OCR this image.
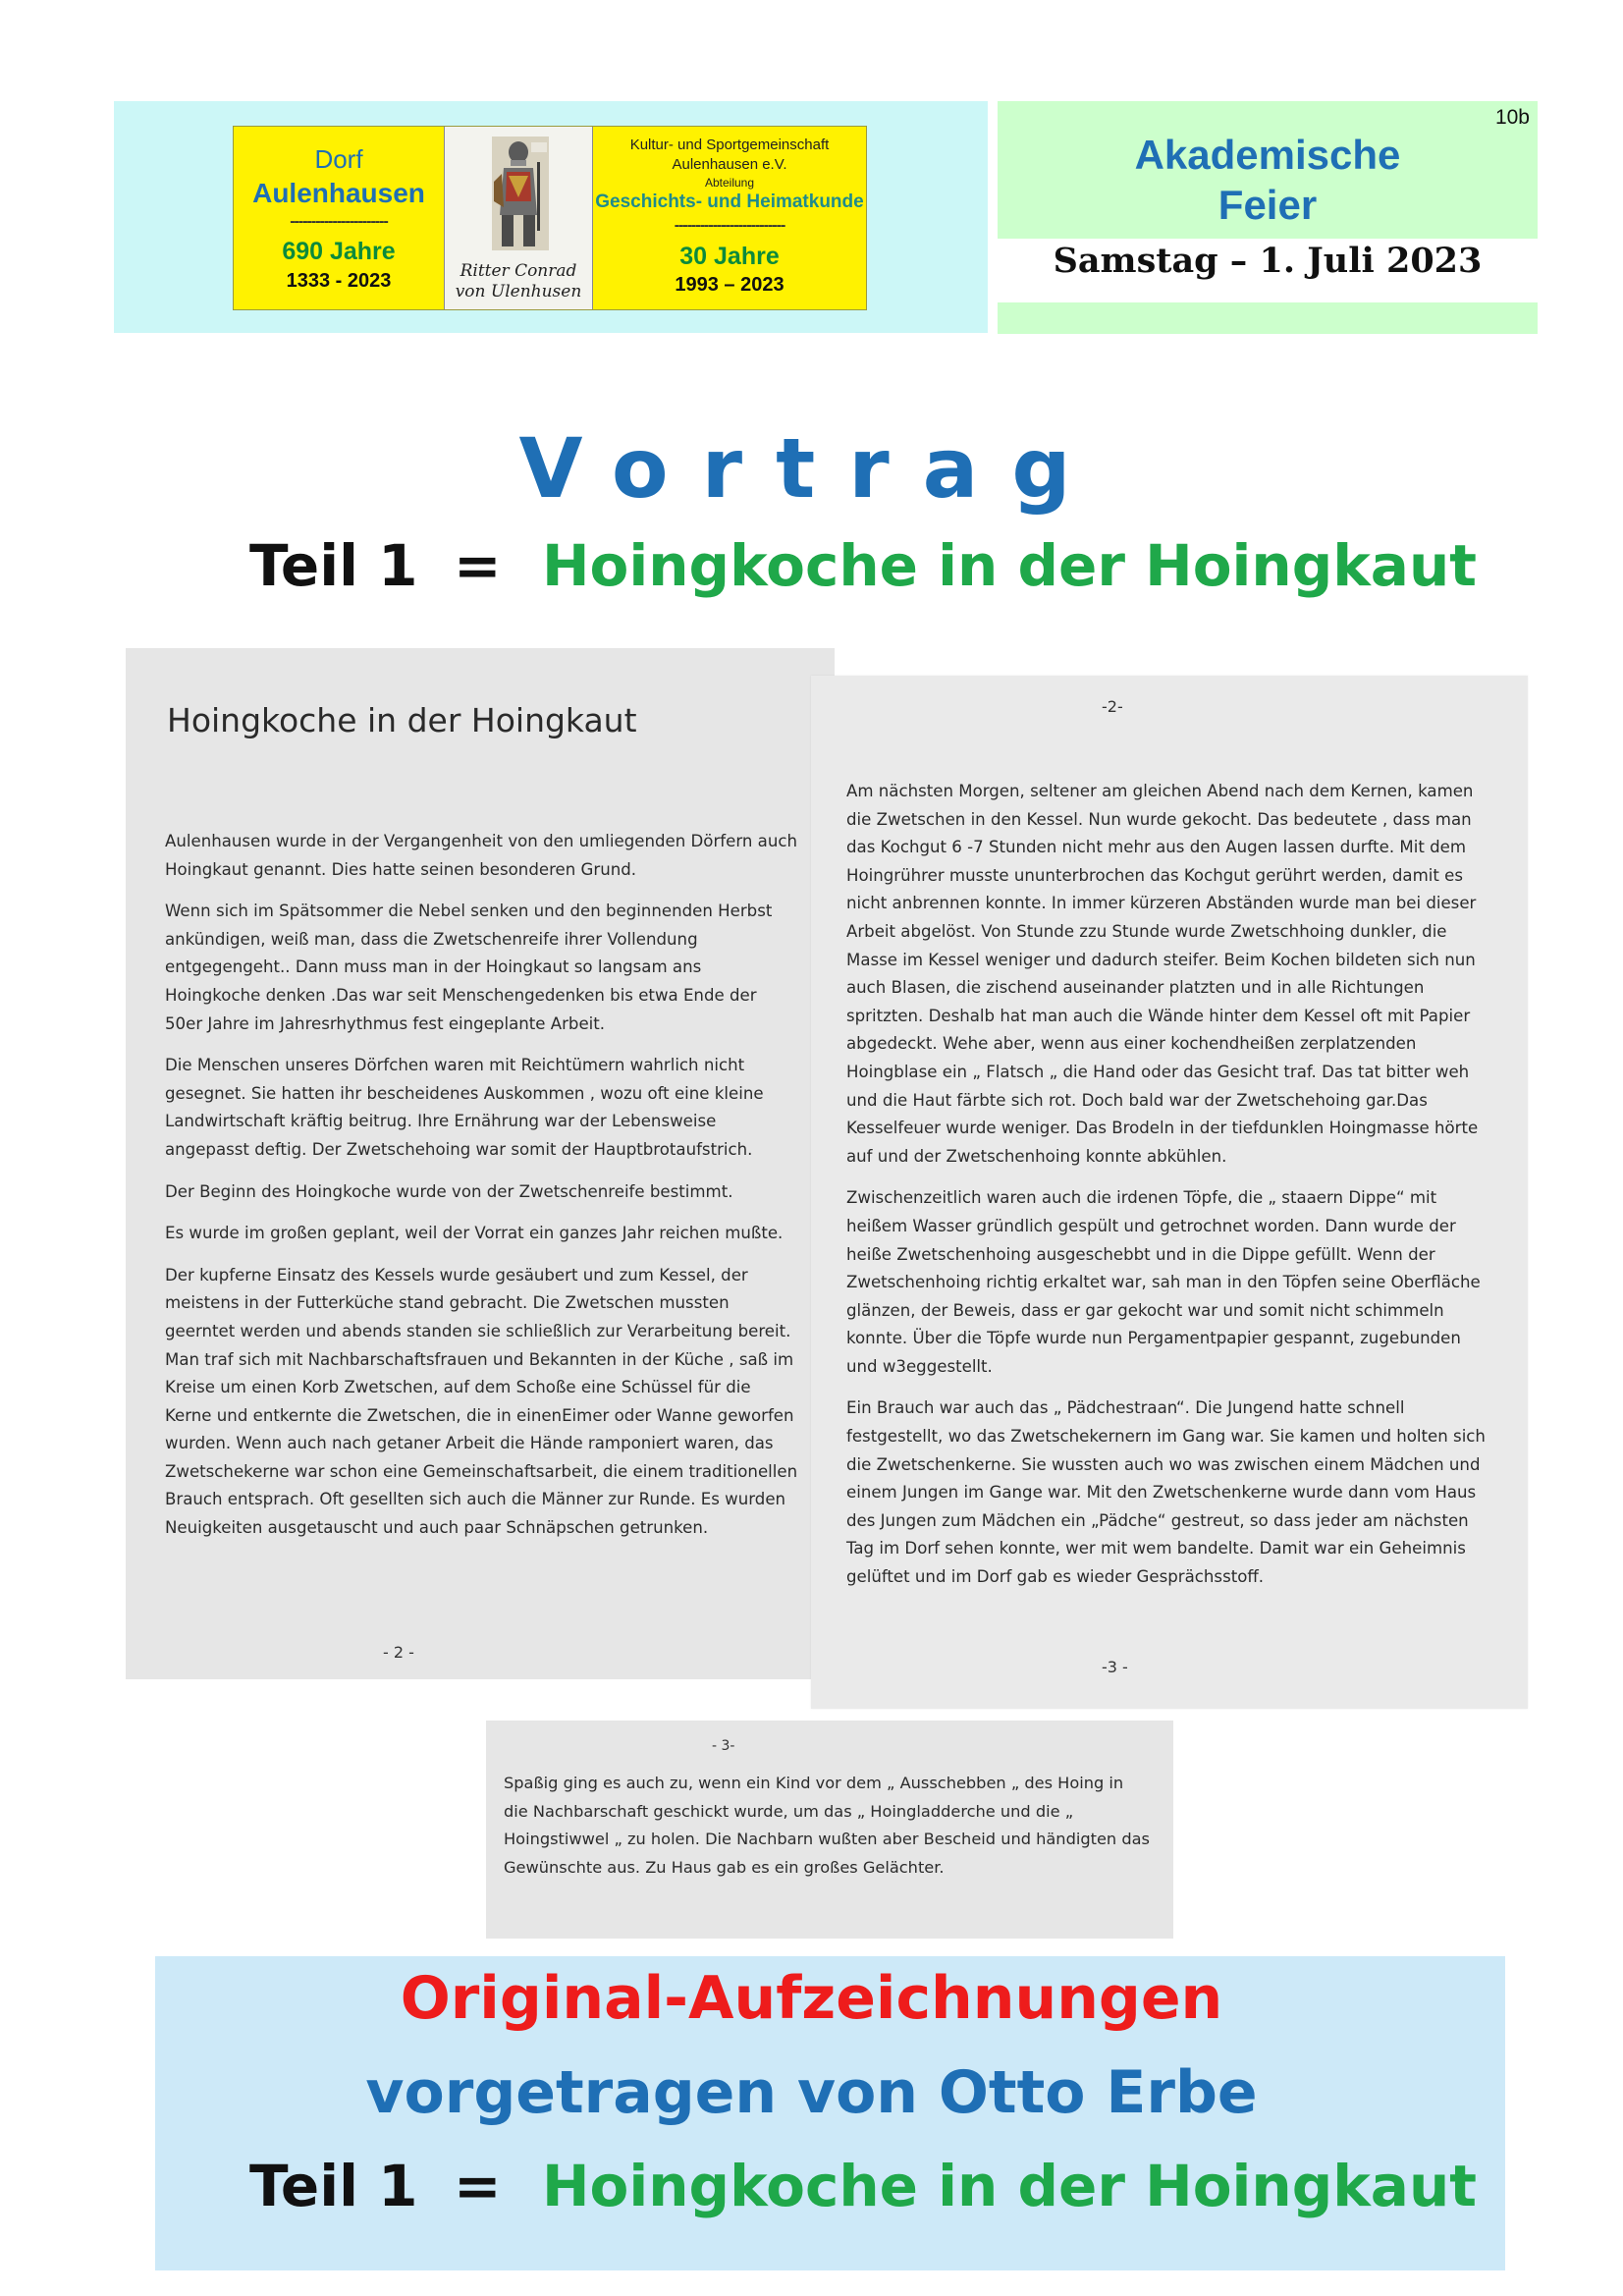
Dorf
Aulenhausen
-----------------------
690 Jahre
1333 - 2023	Ritter Conrad
von Ulenhusen
Kultur- und Sportgemeinschaft
Aulenhausen e.V.
Abteilung
Geschichts- und Heimatkunde
--------------------------
30 Jahre
1993 – 2023
10b
Akademische
Feier
Samstag – 1. Juli 2023
Vortrag
Teil 1 = Hoingkoche in der Hoingkaut
Hoingkoche in der Hoingkaut

Aulenhausen wurde in der Vergangenheit von den umliegenden Dörfern auch Hoingkaut genannt. Dies hatte seinen besonderen Grund.

Wenn sich im Spätsommer die Nebel senken und den beginnenden Herbst ankündigen, weiß man, dass die Zwetschenreife ihrer Vollendung entgegengeht.. Dann muss man in der Hoingkaut so langsam ans Hoingkoche denken .Das war seit Menschengedenken bis etwa Ende der 50er Jahre im Jahresrhythmus fest eingeplante Arbeit.

Die Menschen unseres Dörfchen waren mit Reichtümern wahrlich nicht gesegnet. Sie hatten ihr bescheidenes Auskommen , wozu oft eine kleine Landwirtschaft kräftig beitrug. Ihre Ernährung war der Lebensweise angepasst deftig. Der Zwetschehoing war somit der Hauptbrotaufstrich.

Der Beginn des Hoingkoche wurde von der Zwetschenreife bestimmt.

Es wurde im großen geplant, weil der Vorrat ein ganzes Jahr reichen mußte.

Der kupferne Einsatz des Kessels wurde gesäubert und zum Kessel, der meistens in der Futterküche stand gebracht. Die Zwetschen mussten geerntet werden und abends standen sie schließlich zur Verarbeitung bereit. Man traf sich mit Nachbarschaftsfrauen und Bekannten in der Küche , saß im Kreise um einen Korb Zwetschen, auf dem Schoße eine Schüssel für die Kerne und entkernte die Zwetschen, die in einenEimer oder Wanne geworfen wurden. Wenn auch nach getaner Arbeit die Hände ramponiert waren, das Zwetschekerne war schon eine Gemeinschaftsarbeit, die einem traditionellen Brauch entsprach. Oft gesellten sich auch die Männer zur Runde. Es wurden Neuigkeiten ausgetauscht und auch paar Schnäpschen getrunken.

- 2 -
-2-

Am nächsten Morgen, seltener am gleichen Abend nach dem Kernen, kamen die Zwetschen in den Kessel. Nun wurde gekocht. Das bedeutete , dass man das Kochgut 6 -7 Stunden nicht mehr aus den Augen lassen durfte. Mit dem Hoingrührer musste ununterbrochen das Kochgut gerührt werden, damit es nicht anbrennen konnte. In immer kürzeren Abständen wurde man bei dieser Arbeit abgelöst. Von Stunde zzu Stunde wurde Zwetschhoing dunkler, die Masse im Kessel weniger und dadurch steifer. Beim Kochen bildeten sich nun auch Blasen, die zischend auseinander platzten und in alle Richtungen spritzten. Deshalb hat man auch die Wände hinter dem Kessel oft mit Papier abgedeckt. Wehe aber, wenn aus einer kochendheißen zerplatzenden Hoingblase ein „ Flatsch „ die Hand oder das Gesicht traf. Das tat bitter weh und die Haut färbte sich rot. Doch bald war der Zwetschehoing gar.Das Kesselfeuer wurde weniger. Das Brodeln in der tiefdunklen Hoingmasse hörte auf und der Zwetschenhoing konnte abkühlen.

Zwischenzeitlich waren auch die irdenen Töpfe, die „ staaern Dippe“ mit heißem Wasser gründlich gespült und getrochnet worden. Dann wurde der heiße Zwetschenhoing ausgeschebbt und in die Dippe gefüllt. Wenn der Zwetschenhoing richtig erkaltet war, sah man in den Töpfen seine Oberfläche glänzen, der Beweis, dass er gar gekocht war und somit nicht schimmeln konnte. Über die Töpfe wurde nun Pergamentpapier gespannt, zugebunden und w3eggestellt.

Ein Brauch war auch das „ Pädchestraan“. Die Jungend hatte schnell festgestellt, wo das Zwetschekernern im Gang war. Sie kamen und holten sich die Zwetschenkerne. Sie wussten auch wo was zwischen einem Mädchen und einem Jungen im Gange war. Mit den Zwetschenkerne wurde dann vom Haus des Jungen zum Mädchen ein „Pädche“ gestreut, so dass jeder am nächsten Tag im Dorf sehen konnte, wer mit wem bandelte. Damit war ein Geheimnis gelüftet und im Dorf gab es wieder Gesprächsstoff.

-3 -
- 3-

Spaßig ging es auch zu, wenn ein Kind vor dem „ Ausschebben „ des Hoing in die Nachbarschaft geschickt wurde, um das „ Hoingladderche und die „ Hoingstiwwel „ zu holen. Die Nachbarn wußten aber Bescheid und händigten das Gewünschte aus. Zu Haus gab es ein großes Gelächter.

Original-Aufzeichnungen
vorgetragen von Otto Erbe
Teil 1 = Hoingkoche in der Hoingkaut
